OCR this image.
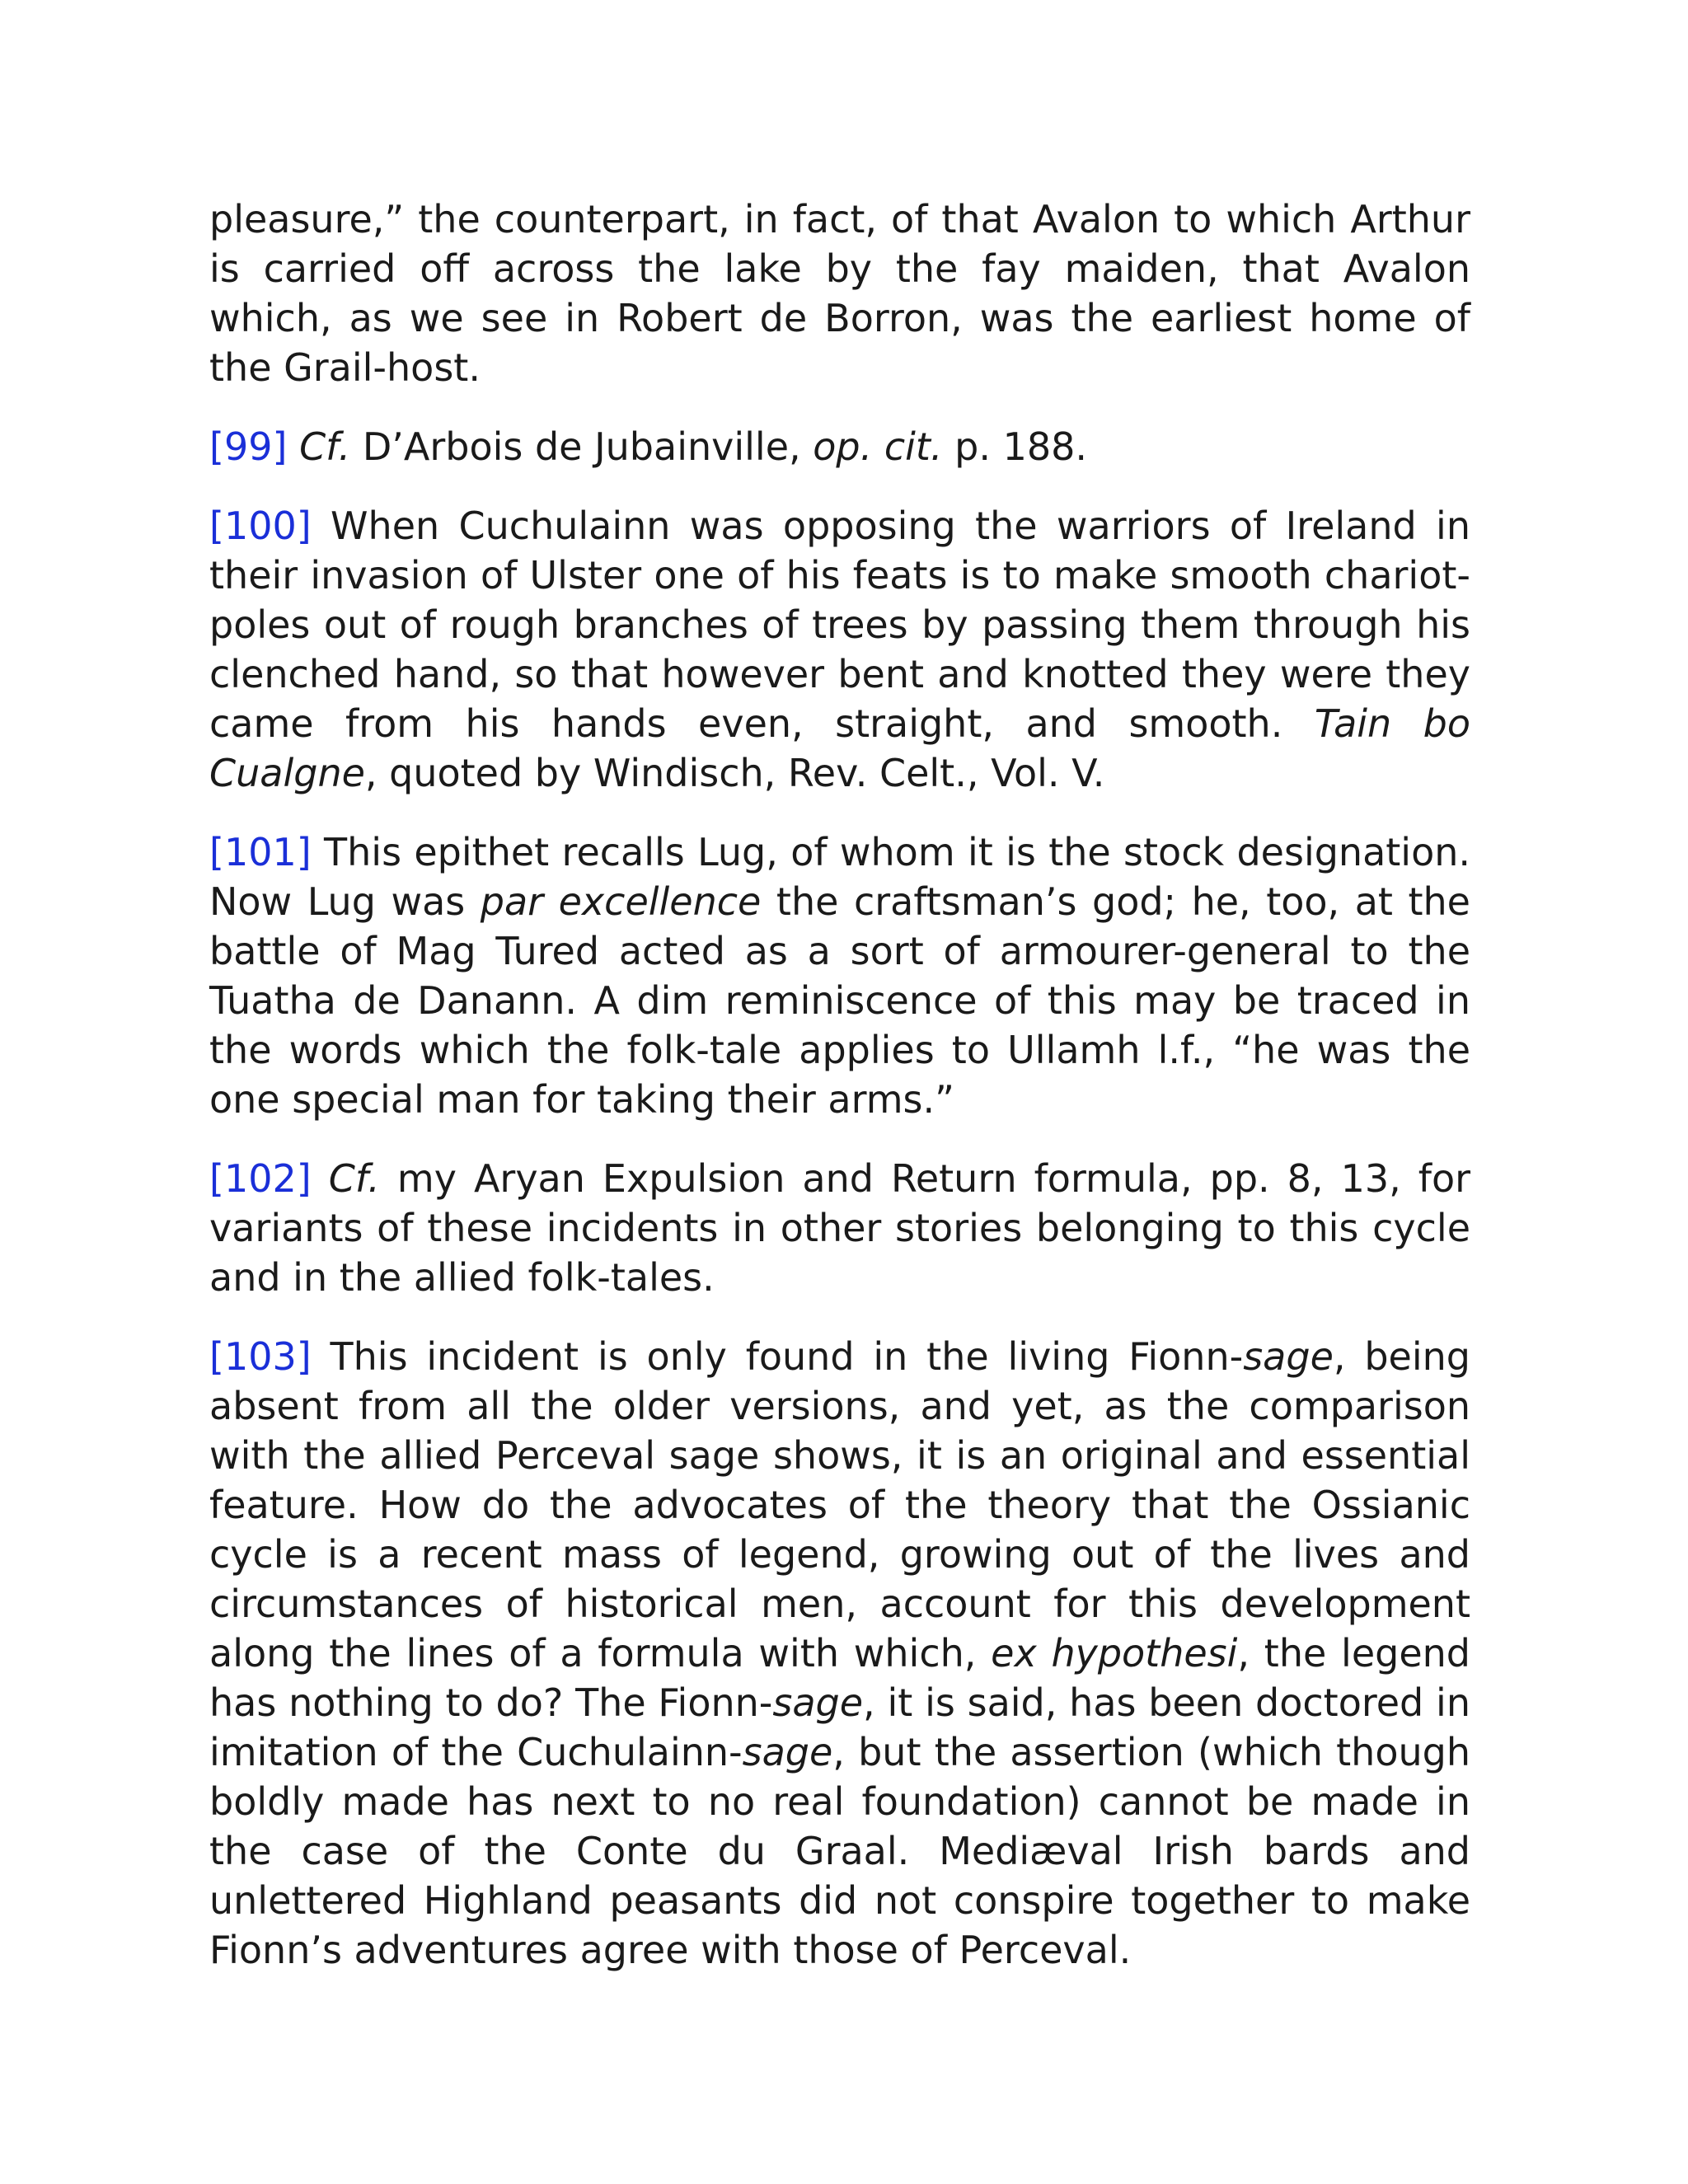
pleasure,” the counterpart, in fact, of that Avalon to which Arthur is carried off across the lake by the fay maiden, that Avalon which, as we see in Robert de Borron, was the earliest home of the Grail-host.

[99] Cf. D’Arbois de Jubainville, op. cit. p. 188.

[100] When Cuchulainn was opposing the warriors of Ireland in their invasion of Ulster one of his feats is to make smooth chariot-poles out of rough branches of trees by passing them through his clenched hand, so that however bent and knotted they were they came from his hands even, straight, and smooth. Tain bo Cualgne, quoted by Windisch, Rev. Celt., Vol. V.

[101] This epithet recalls Lug, of whom it is the stock designation. Now Lug was par excellence the craftsman’s god; he, too, at the battle of Mag Tured acted as a sort of armourer-general to the Tuatha de Danann. A dim reminiscence of this may be traced in the words which the folk-tale applies to Ullamh l.f., “he was the one special man for taking their arms.”

[102] Cf. my Aryan Expulsion and Return formula, pp. 8, 13, for variants of these incidents in other stories belonging to this cycle and in the allied folk-tales.

[103] This incident is only found in the living Fionn-sage, being absent from all the older versions, and yet, as the comparison with the allied Perceval sage shows, it is an original and essential feature. How do the advocates of the theory that the Ossianic cycle is a recent mass of legend, growing out of the lives and circumstances of historical men, account for this development along the lines of a formula with which, ex hypothesi, the legend has nothing to do? The Fionn-sage, it is said, has been doctored in imitation of the Cuchulainn-sage, but the assertion (which though boldly made has next to no real foundation) cannot be made in the case of the Conte du Graal. Mediæval Irish bards and unlettered Highland peasants did not conspire together to make Fionn’s adventures agree with those of Perceval.
